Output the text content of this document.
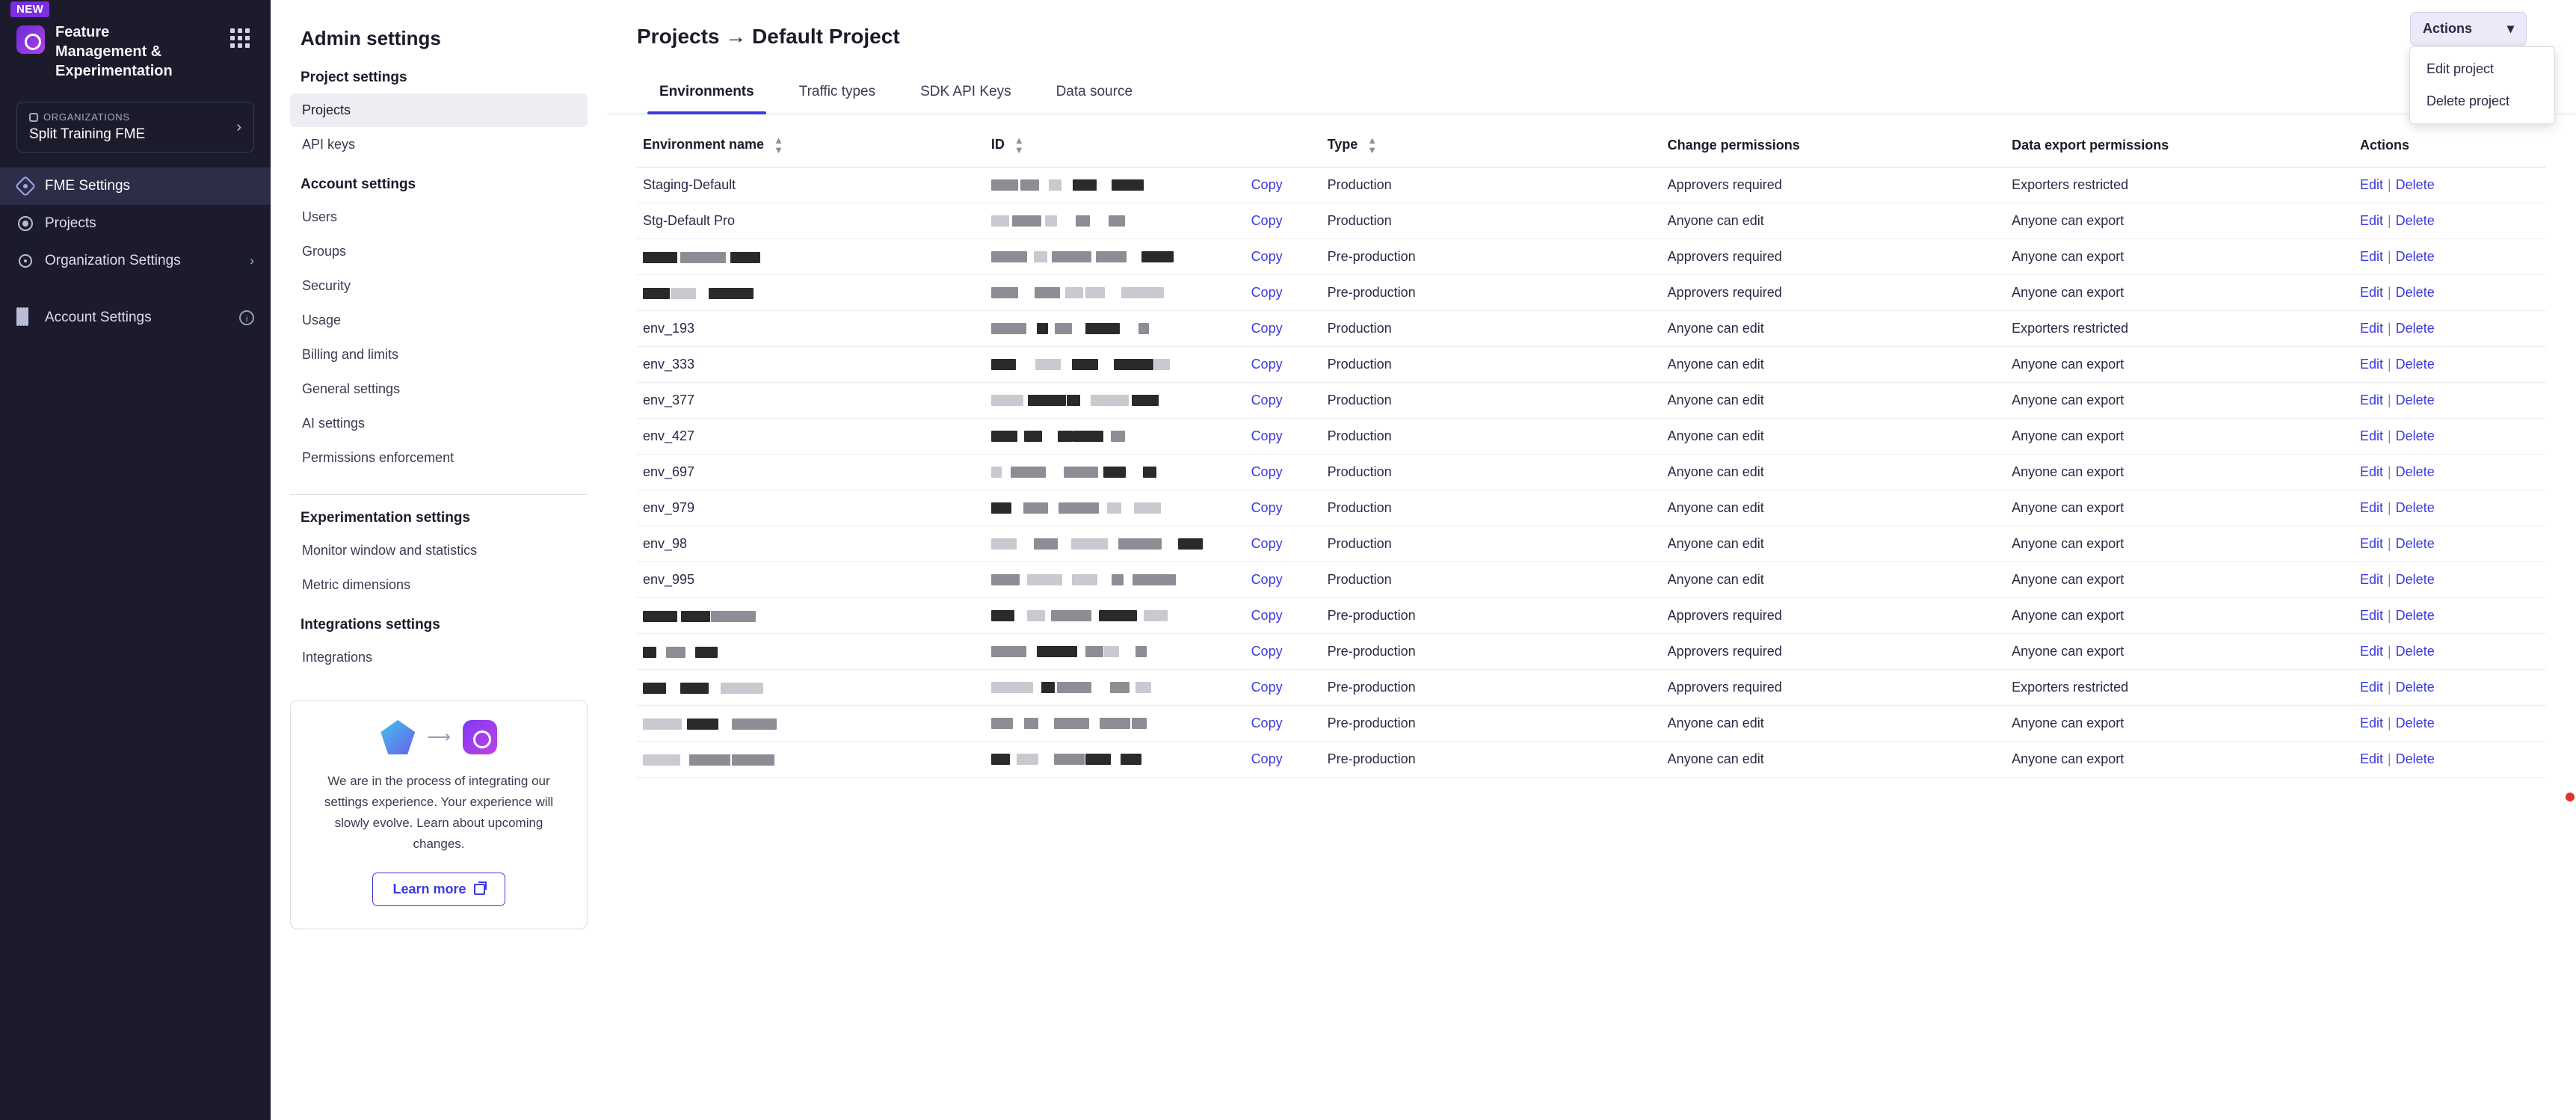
NEW
Feature Management & Experimentation
ORGANIZATIONS
Split Training FME	›
FME Settings
Projects
Organization Settings	›
Account Settings	i
Admin settings
Project settings
Projects
API keys
Account settings
Users
Groups
Security
Usage
Billing and limits
General settings
AI settings
Permissions enforcement
Experimentation settings
Monitor window and statistics
Metric dimensions
Integrations settings
Integrations
⟶
We are in the process of integrating our settings experience. Your experience will slowly evolve. Learn about upcoming changes.
Learn more
Projects → Default Project	Actions	▾
Edit project
Delete project
Environments	Traffic types	SDK API Keys	Data source
Environment name ▲
▼	ID ▲
▼	Type ▲
▼	Change permissions	Data export permissions	Actions
Staging-Default	Copy	Production	Approvers required	Exporters restricted	Edit | Delete
Stg-Default Pro	Copy	Production	Anyone can edit	Anyone can export	Edit | Delete

	Copy	Pre-production	Approvers required	Anyone can export	Edit | Delete

	Copy	Pre-production	Approvers required	Anyone can export	Edit | Delete
env_193	Copy	Production	Anyone can edit	Exporters restricted	Edit | Delete
env_333	Copy	Production	Anyone can edit	Anyone can export	Edit | Delete
env_377	Copy	Production	Anyone can edit	Anyone can export	Edit | Delete
env_427	Copy	Production	Anyone can edit	Anyone can export	Edit | Delete
env_697	Copy	Production	Anyone can edit	Anyone can export	Edit | Delete
env_979	Copy	Production	Anyone can edit	Anyone can export	Edit | Delete
env_98	Copy	Production	Anyone can edit	Anyone can export	Edit | Delete
env_995	Copy	Production	Anyone can edit	Anyone can export	Edit | Delete

	Copy	Pre-production	Approvers required	Anyone can export	Edit | Delete

	Copy	Pre-production	Approvers required	Anyone can export	Edit | Delete

	Copy	Pre-production	Approvers required	Exporters restricted	Edit | Delete

	Copy	Pre-production	Anyone can edit	Anyone can export	Edit | Delete

	Copy	Pre-production	Anyone can edit	Anyone can export	Edit | Delete
